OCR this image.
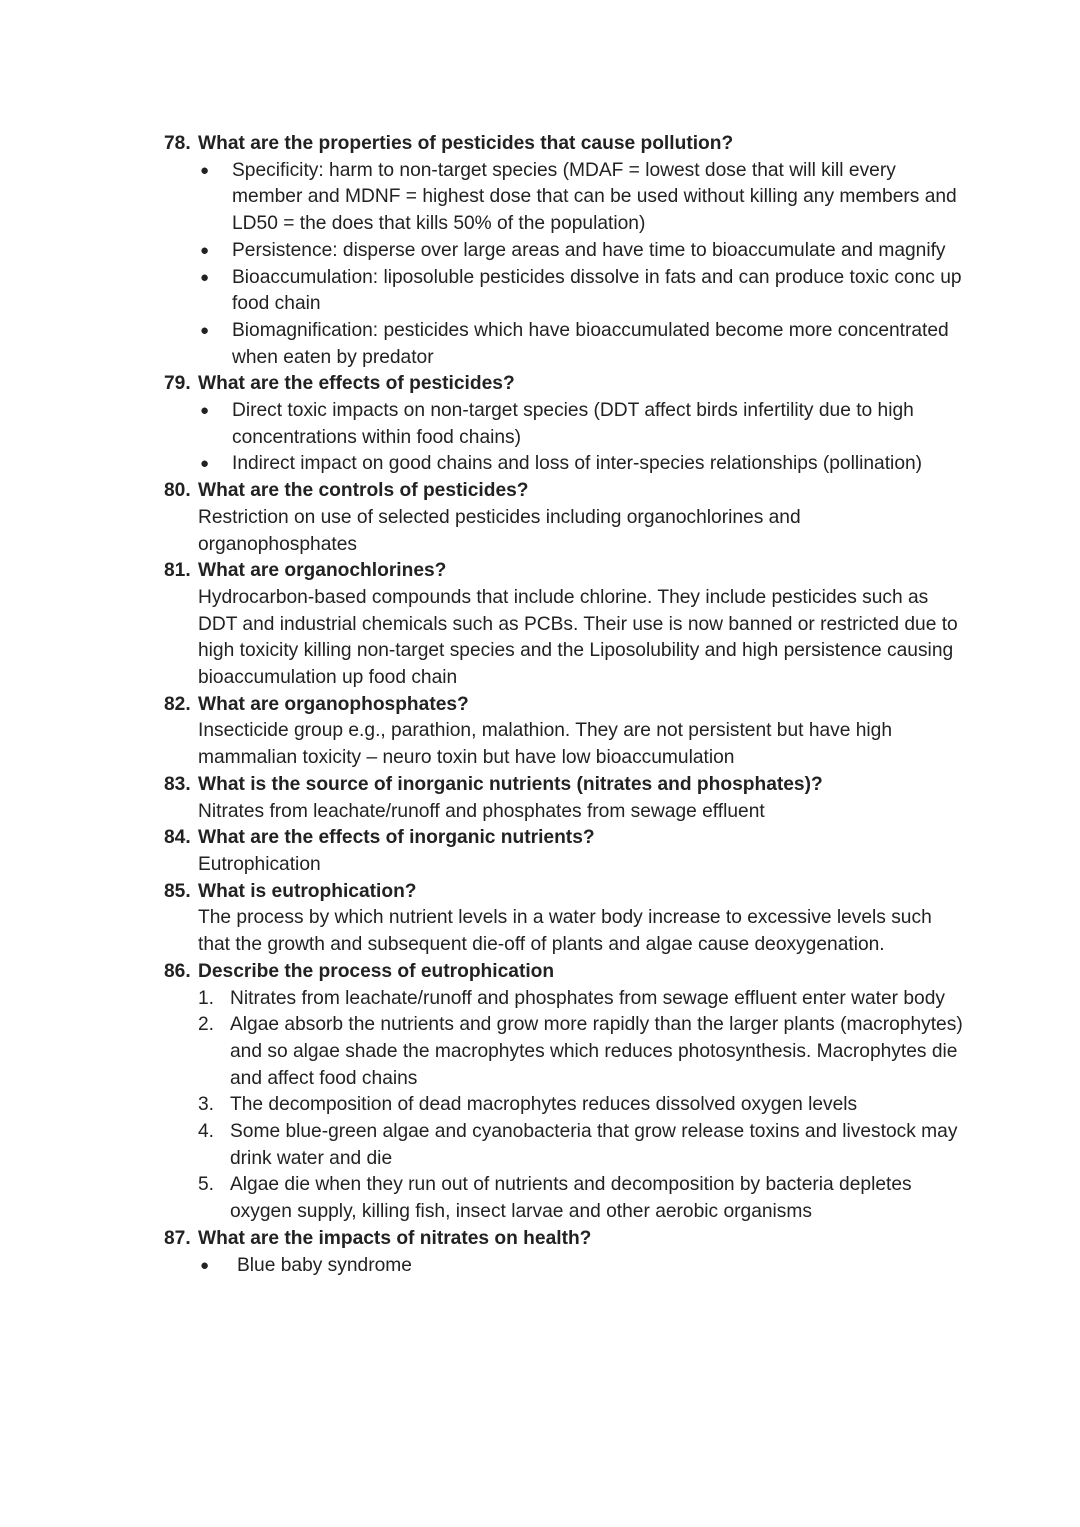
78. What are the properties of pesticides that cause pollution?
●	Specificity: harm to non-target species (MDAF = lowest dose that will kill every member and MDNF = highest dose that can be used without killing any members and LD50 = the does that kills 50% of the population)
●	Persistence: disperse over large areas and have time to bioaccumulate and magnify
●	Bioaccumulation: liposoluble pesticides dissolve in fats and can produce toxic conc up food chain
●	Biomagnification: pesticides which have bioaccumulated become more concentrated when eaten by predator
79. What are the effects of pesticides?
●	Direct toxic impacts on non-target species (DDT affect birds infertility due to high concentrations within food chains)
●	Indirect impact on good chains and loss of inter-species relationships (pollination)
80. What are the controls of pesticides?
Restriction on use of selected pesticides including organochlorines and organophosphates
81. What are organochlorines?
Hydrocarbon-based compounds that include chlorine. They include pesticides such as DDT and industrial chemicals such as PCBs. Their use is now banned or restricted due to high toxicity killing non-target species and the Liposolubility and high persistence causing bioaccumulation up food chain
82. What are organophosphates?
Insecticide group e.g., parathion, malathion. They are not persistent but have high mammalian toxicity – neuro toxin but have low bioaccumulation
83. What is the source of inorganic nutrients (nitrates and phosphates)?
Nitrates from leachate/runoff and phosphates from sewage effluent
84. What are the effects of inorganic nutrients?
Eutrophication
85. What is eutrophication?
The process by which nutrient levels in a water body increase to excessive levels such that the growth and subsequent die-off of plants and algae cause deoxygenation.
86. Describe the process of eutrophication
1. Nitrates from leachate/runoff and phosphates from sewage effluent enter water body
2. Algae absorb the nutrients and grow more rapidly than the larger plants (macrophytes) and so algae shade the macrophytes which reduces photosynthesis. Macrophytes die and affect food chains
3. The decomposition of dead macrophytes reduces dissolved oxygen levels
4. Some blue-green algae and cyanobacteria that grow release toxins and livestock may drink water and die
5. Algae die when they run out of nutrients and decomposition by bacteria depletes oxygen supply, killing fish, insect larvae and other aerobic organisms
87. What are the impacts of nitrates on health?
●	Blue baby syndrome
